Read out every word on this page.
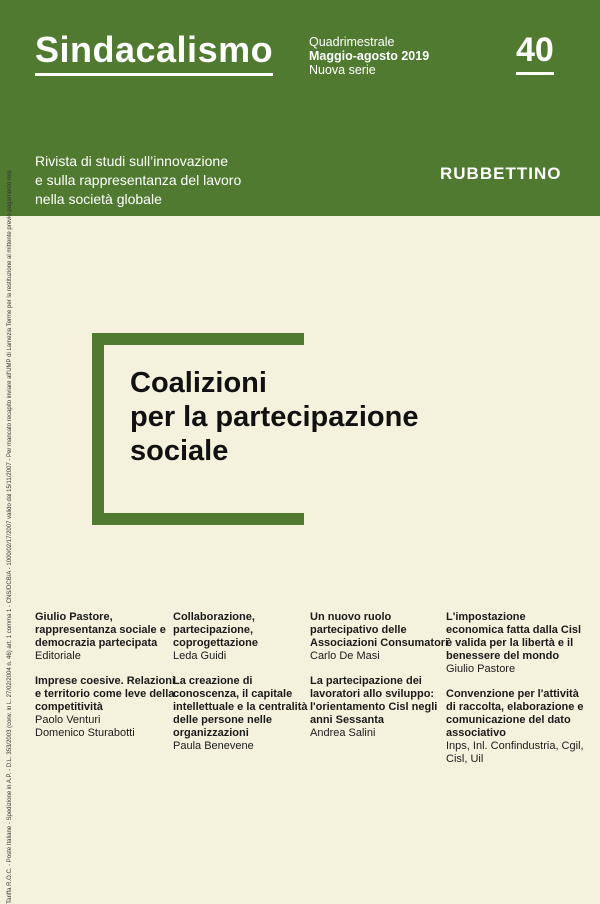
Sindacalismo	Quadrimestrale
Maggio-agosto 2019
Nuova serie
40
Rivista di studi sull’innovazione
e sulla rappresentanza del lavoro
nella società globale
RUBBETTINO
Tariffa R.O.C. - Poste Italiane - Spedizione in A.P. - D.L. 353/2003 (conv. in L. 27/02/2004 n. 46) art. 1 comma 1 - CNS/DCB/A - 1000/02/17/2007 valido dal 15/11/2007 - Per mancato recapito inviare all'UMP di Lamezia Terme per la restituzione al mittente previo pagamento resi	Coalizioni
per la partecipazione
sociale
Giulio Pastore, rappresentanza sociale e democrazia partecipata
Editoriale
Imprese coesive. Relazioni e territorio come leve della competitività
Paolo Venturi
Domenico Sturabotti
Collaborazione, partecipazione, coprogettazione
Leda Guidi
La creazione di conoscenza, il capitale intellettuale e la centralità delle persone nelle organizzazioni
Paula Benevene
Un nuovo ruolo partecipativo delle Associazioni Consumatori
Carlo De Masi
La partecipazione dei lavoratori allo sviluppo: l'orientamento Cisl negli anni Sessanta
Andrea Salini
L'impostazione economica fatta dalla Cisl è valida per la libertà e il benessere del mondo
Giulio Pastore
Convenzione per l'attività di raccolta, elaborazione e comunicazione del dato associativo
Inps, Inl. Confindustria, Cgil, Cisl, Uil
